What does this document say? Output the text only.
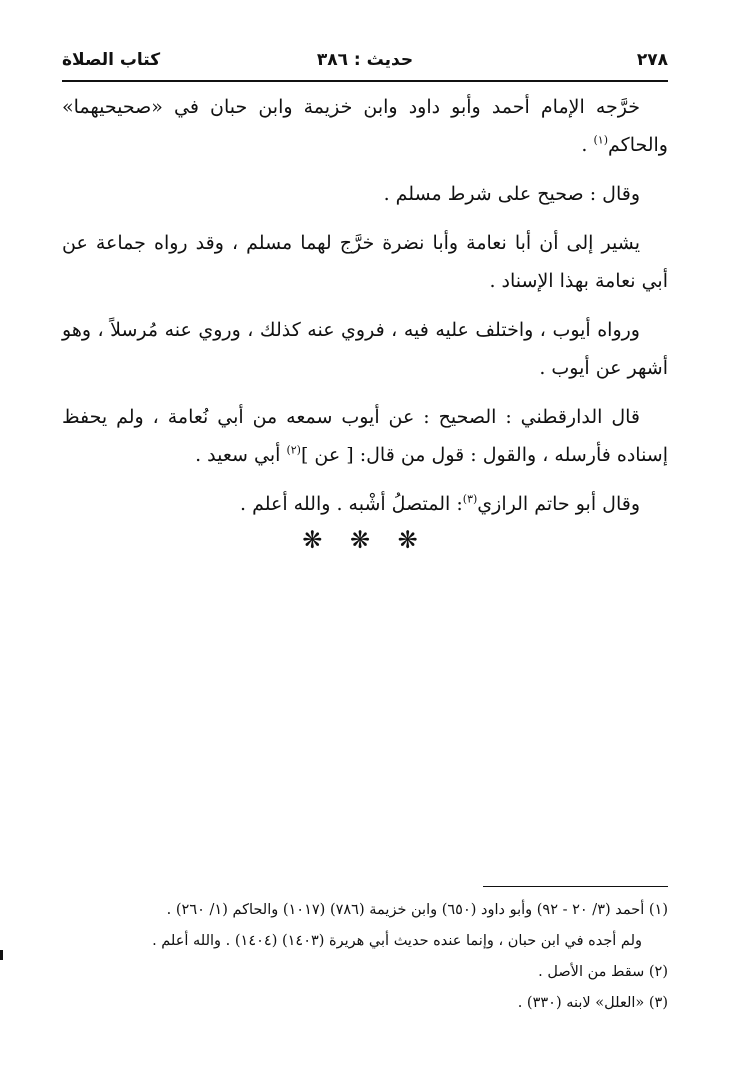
٢٧٨
حديث : ٣٨٦
كتاب الصلاة

خرَّجه الإمام أحمد وأبو داود وابن خزيمة وابن حبان في «صحيحيهما» والحاكم$^{(١)}$ .

وقال : صحيح على شرط مسلم .

يشير إلى أن أبا نعامة وأبا نضرة خرَّج لهما مسلم ، وقد رواه جماعة عن أبي نعامة بهذا الإسناد .

ورواه أيوب ، واختلف عليه فيه ، فروي عنه كذلك ، وروي عنه مُرسلاً ، وهو أشهر عن أيوب .

قال الدارقطني : الصحيح : عن أيوب سمعه من أبي نُعامة ، ولم يحفظ إسناده فأرسله ، والقول : قول من قال: [ عن ]$^{(٢)}$ أبي سعيد .

وقال أبو حاتم الرازي$^{(٣)}$: المتصلُ أشْبه . والله أعلم .

❋ ❋ ❋

(١) أحمد (٣/ ٢٠ - ٩٢) وأبو داود (٦٥٠) وابن خزيمة (٧٨٦) (١٠١٧) والحاكم (١/ ٢٦٠) .

ولم أجده في ابن حبان ، وإنما عنده حديث أبي هريرة (١٤٠٣) (١٤٠٤) . والله أعلم .

(٢) سقط من الأصل .

(٣) «العلل» لابنه (٣٣٠) .
